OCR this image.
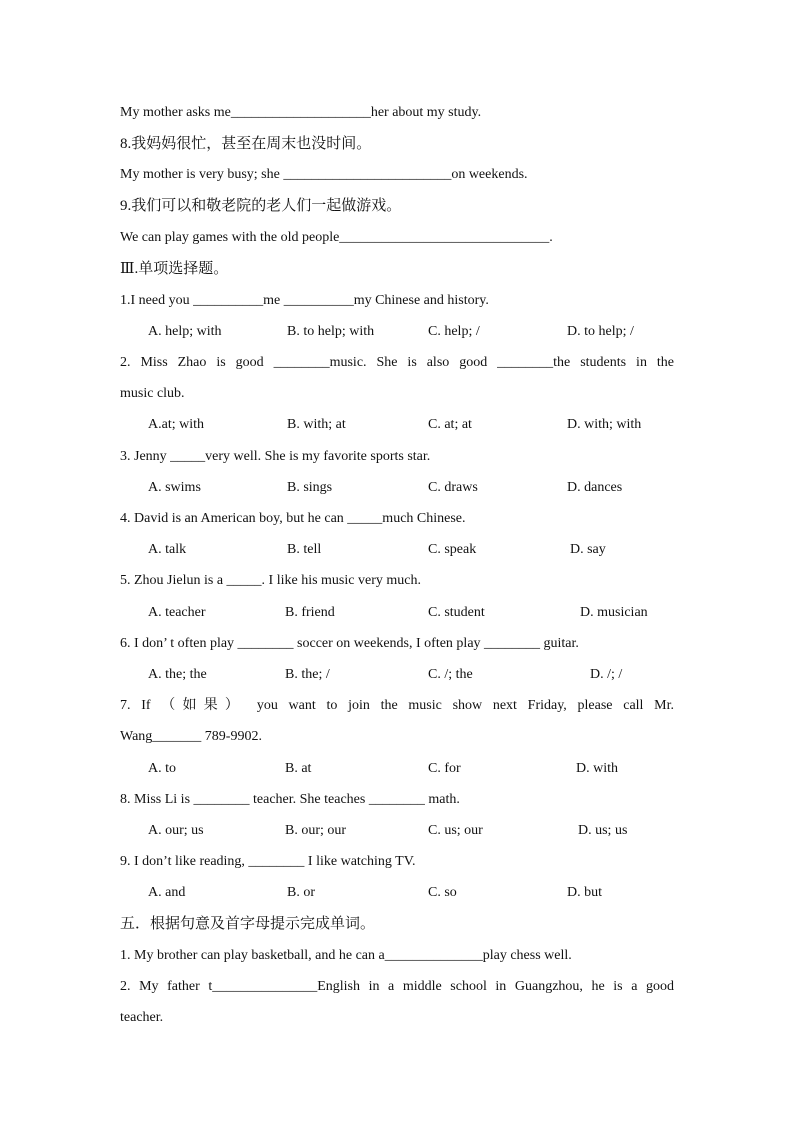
My mother asks me____________________her about my study.
8.我妈妈很忙，甚至在周末也没时间。
My mother is very busy; she ________________________on weekends.
9.我们可以和敬老院的老人们一起做游戏。
We can play games with the old people______________________________.
Ⅲ.单项选择题。
1.I need you __________me __________my Chinese and history.
A. help; with	B. to help; with	C. help; /	D. to help; /
2. Miss Zhao is good ________music. She is also good ________the students in the
music club.
A.at; with	B. with; at	C. at; at	D. with; with
3. Jenny _____very well. She is my favorite sports star.
A. swims	B. sings	C. draws	D. dances
4. David is an American boy, but he can _____much Chinese.
A. talk	B. tell	C. speak	D. say
5. Zhou Jielun is a _____. I like his music very much.
A. teacher	B. friend	C. student	D. musician
6. I don’ t often play ________ soccer on weekends, I often play ________ guitar.
A. the; the	B. the; /	C. /; the	D. /; /
7. If （如果） you want to join the music show next Friday, please call Mr.
Wang_______ 789-9902.
A. to	B. at	C. for	D. with
8. Miss Li is ________ teacher. She teaches ________ math.
A. our; us	B. our; our	C. us; our	D. us; us
9. I don’t like reading, ________ I like watching TV.
A. and	B. or	C. so	D. but
五．根据句意及首字母提示完成单词。
1. My brother can play basketball, and he can a______________play chess well.
2. My father t_______________English in a middle school in Guangzhou, he is a good
teacher.
